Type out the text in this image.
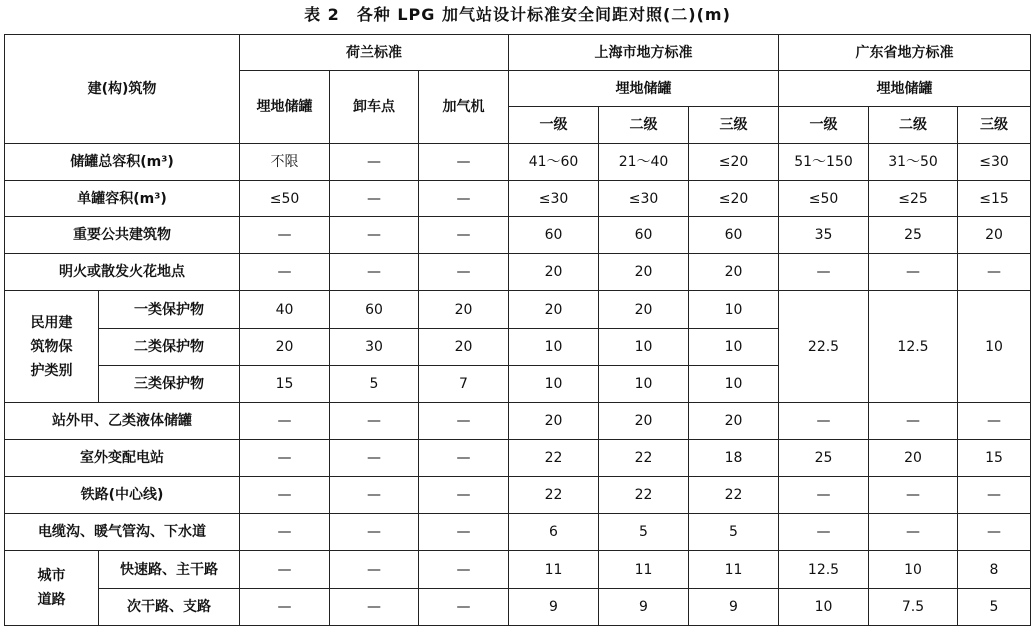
表 2　各种 LPG 加气站设计标准安全间距对照(二)(m)
建(构)筑物		荷兰标准			上海市地方标准			广东省地方标准		
		埋地储罐	卸车点	加气机	埋地储罐			埋地储罐		
					一级	二级	三级	一级	二级	三级
储罐总容积(m³)		不限	—	—	41～60	21～40	≤20	51～150	31～50	≤30
单罐容积(m³)		≤50	—	—	≤30	≤30	≤20	≤50	≤25	≤15
重要公共建筑物		—	—	—	60	60	60	35	25	20
明火或散发火花地点		—	—	—	20	20	20	—	—	—

民用建
筑物保
护类别	一类保护物	40	60	20	20	20	10	22.5	12.5	10
	二类保护物	20	30	20	10	10	10			
	三类保护物	15	5	7	10	10	10			
站外甲、乙类液体储罐		—	—	—	20	20	20	—	—	—
室外变配电站		—	—	—	22	22	18	25	20	15
铁路(中心线)		—	—	—	22	22	22	—	—	—
电缆沟、暖气管沟、下水道		—	—	—	6	5	5	—	—	—

城市
道路	快速路、主干路	—	—	—	11	11	11	12.5	10	8
	次干路、支路	—	—	—	9	9	9	10	7.5	5
